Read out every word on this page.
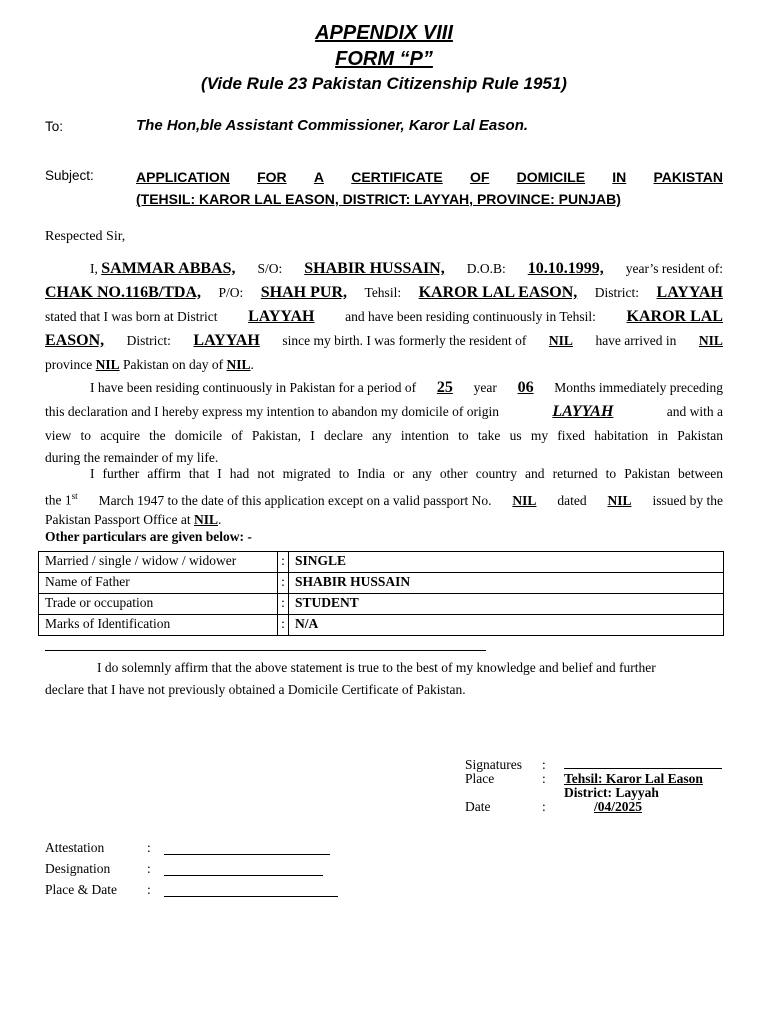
APPENDIX VIII
FORM “P”
(Vide Rule 23 Pakistan Citizenship Rule 1951)
To:	The Hon,ble Assistant Commissioner, Karor Lal Eason.
Subject:	APPLICATION FOR A CERTIFICATE OF DOMICILE IN PAKISTAN
(TEHSIL: KAROR LAL EASON, DISTRICT: LAYYAH, PROVINCE: PUNJAB)
Respected Sir,
I, SAMMAR ABBAS, S/O: SHABIR HUSSAIN, D.O.B: 10.10.1999, year’s resident of:
CHAK NO.116B/TDA, P/O: SHAH PUR, Tehsil: KAROR LAL EASON, District: LAYYAH
stated that I was born at District LAYYAH and have been residing continuously in Tehsil: KAROR LAL
EASON, District: LAYYAH since my birth. I was formerly the resident of NIL have arrived in NIL
province NIL Pakistan on day of NIL.
I have been residing continuously in Pakistan for a period of 25 year 06 Months immediately preceding
this declaration and I hereby express my intention to abandon my domicile of origin	LAYYAH	and with a
view to acquire the domicile of Pakistan, I declare any intention to take us my fixed habitation in Pakistan
during the remainder of my life.
I further affirm that I had not migrated to India or any other country and returned to Pakistan between
the 1st March 1947 to the date of this application except on a valid passport No. NIL dated NIL issued by the
Pakistan Passport Office at NIL.
Other particulars are given below: -
Married / single / widow / widower	:	SINGLE
Name of Father	:	SHABIR HUSSAIN
Trade or occupation	:	STUDENT
Marks of Identification	:	N/A
I do solemnly affirm that the above statement is true to the best of my knowledge and belief and further
declare that I have not previously obtained a Domicile Certificate of Pakistan.
Signatures :
Place	: Tehsil: Karor Lal Eason
District: Layyah
Date	:	/04/2025
Attestation	:
Designation	:
Place & Date :
